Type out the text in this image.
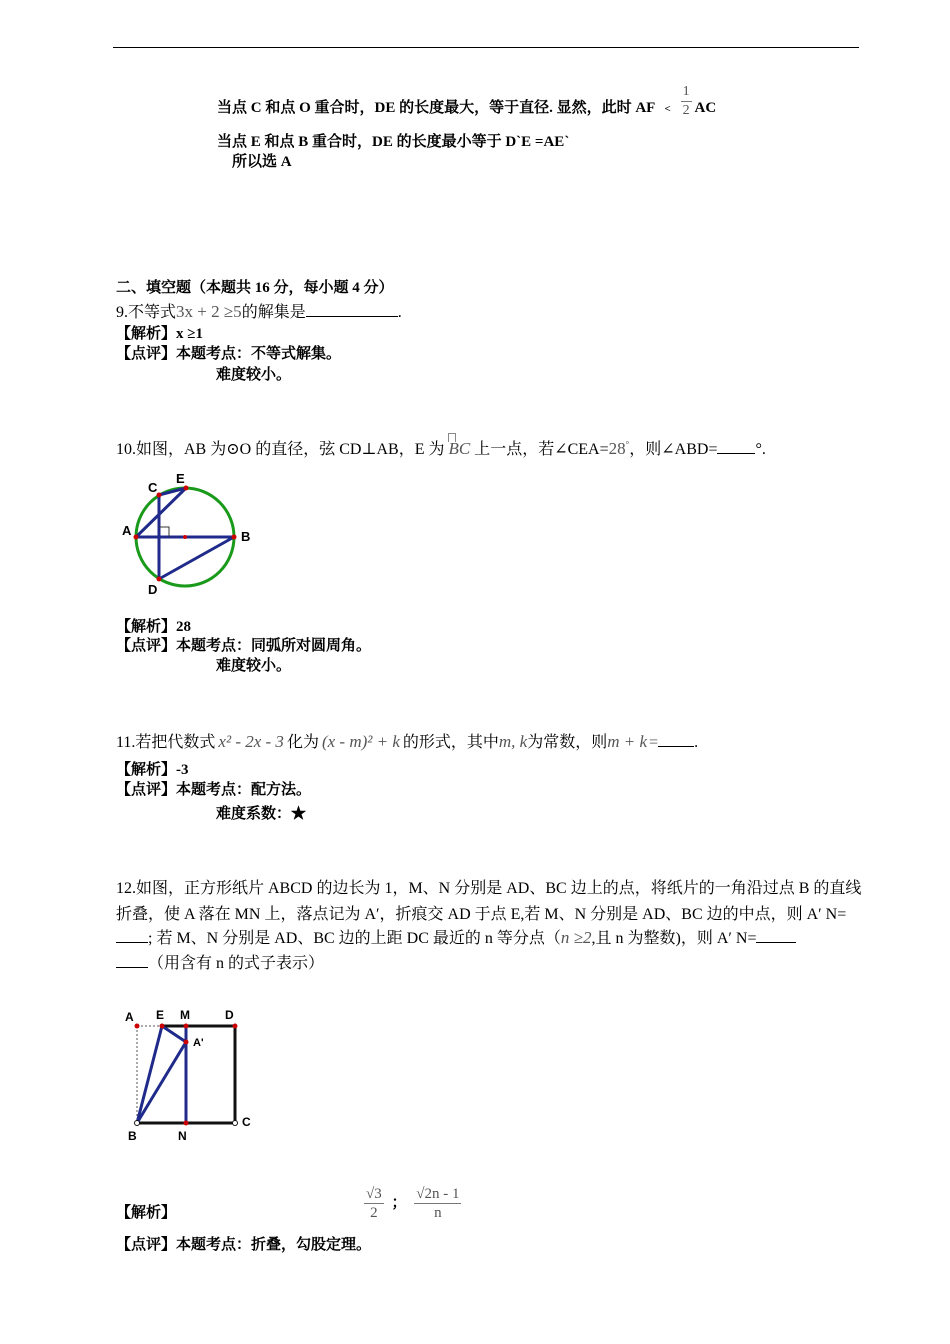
当点 C 和点 O 重合时，DE 的长度最大，等于直径. 显然，此时 AF < $\frac{1}{2}$ AC
当点 E 和点 B 重合时，DE 的长度最小等于 D`E =AE`
所以选 A
二、填空题（本题共 16 分，每小题 4 分）
9.不等式3x + 2 ≥5的解集是	.
【解析】x ≥1
【点评】本题考点：不等式解集。
难度较小。
10.如图，AB 为⊙O 的直径，弦 CD⊥AB，E 为 BC 上一点，若∠CEA=28°，则∠ABD= °.
C
E
A	B
D
【解析】28
【点评】本题考点：同弧所对圆周角。
难度较小。
11.若把代数式 x² - 2x - 3 化为 (x - m)² + k 的形式，其中m, k为常数，则m + k = .
【解析】-3
【点评】本题考点：配方法。
难度系数：★
12.如图，正方形纸片 ABCD 的边长为 1，M、N 分别是 AD、BC 边上的点，将纸片的一角沿过点 B 的直线
折叠，使 A 落在 MN 上，落点记为 A′，折痕交 AD 于点 E,若 M、N 分别是 AD、BC 边的中点，则 A′ N=
; 若 M、N 分别是 AD、BC 边的上距 DC 最近的 n 等分点（n ≥2,且 n 为整数)，则 A′ N=
（用含有 n 的式子表示）
A E M	D
A'
B	N
C
【解析】	$\frac{√3}{2}$ ； $\frac{√2n - 1}{n}$
【点评】本题考点：折叠，勾股定理。
